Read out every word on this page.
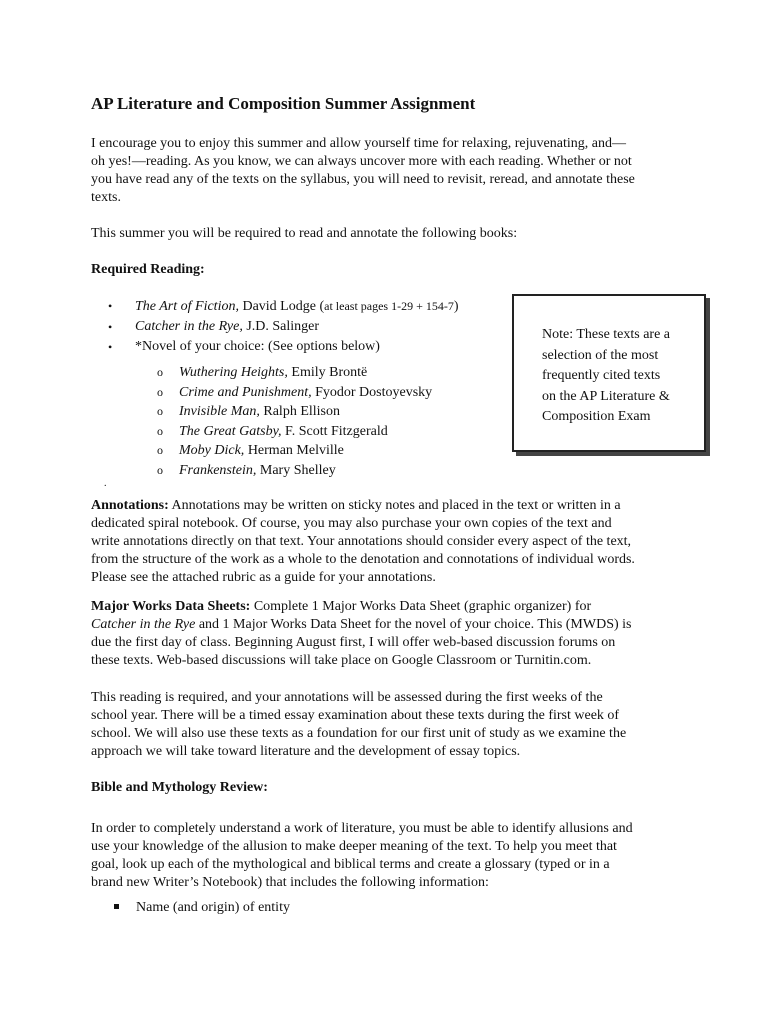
AP Literature and Composition Summer Assignment
I encourage you to enjoy this summer and allow yourself time for relaxing, rejuvenating, and—
oh yes!—reading. As you know, we can always uncover more with each reading. Whether or not
you have read any of the texts on the syllabus, you will need to revisit, reread, and annotate these
texts.
This summer you will be required to read and annotate the following books:
Required Reading:
• The Art of Fiction, David Lodge (at least pages 1-29 + 154-7)
• Catcher in the Rye, J.D. Salinger
• *Novel of your choice: (See options below)
o Wuthering Heights, Emily Brontë
o Crime and Punishment, Fyodor Dostoyevsky
o Invisible Man, Ralph Ellison
o The Great Gatsby, F. Scott Fitzgerald
o Moby Dick, Herman Melville
o Frankenstein, Mary Shelley
Note: These texts are a
selection of the most
frequently cited texts
on the AP Literature &
Composition Exam
.
Annotations: Annotations may be written on sticky notes and placed in the text or written in a
dedicated spiral notebook. Of course, you may also purchase your own copies of the text and
write annotations directly on that text. Your annotations should consider every aspect of the text,
from the structure of the work as a whole to the denotation and connotations of individual words.
Please see the attached rubric as a guide for your annotations.
Major Works Data Sheets: Complete 1 Major Works Data Sheet (graphic organizer) for
Catcher in the Rye and 1 Major Works Data Sheet for the novel of your choice. This (MWDS) is
due the first day of class. Beginning August first, I will offer web-based discussion forums on
these texts. Web-based discussions will take place on Google Classroom or Turnitin.com.
This reading is required, and your annotations will be assessed during the first weeks of the
school year. There will be a timed essay examination about these texts during the first week of
school. We will also use these texts as a foundation for our first unit of study as we examine the
approach we will take toward literature and the development of essay topics.
Bible and Mythology Review:
In order to completely understand a work of literature, you must be able to identify allusions and
use your knowledge of the allusion to make deeper meaning of the text. To help you meet that
goal, look up each of the mythological and biblical terms and create a glossary (typed or in a
brand new Writer’s Notebook) that includes the following information:
Name (and origin) of entity
